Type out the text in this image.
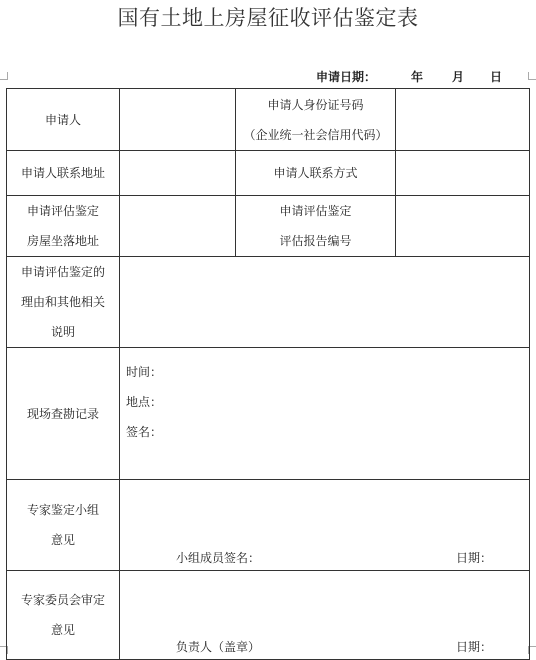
国有土地上房屋征收评估鉴定表
申请日期：	年 月 日
申请人		申请人身份证号码
（企业统一社会信用代码）	

申请人联系地址		申请人联系方式	

申请评估鉴定
房屋坐落地址		申请评估鉴定
评估报告编号	

申请评估鉴定的
理由和其他相关
说明			

现场查勘记录	时间：
地点：
签名：		

专家鉴定小组
意见	小组成员签名： 日期：		

专家委员会审定
意见	负责人（盖章） 日期：		
